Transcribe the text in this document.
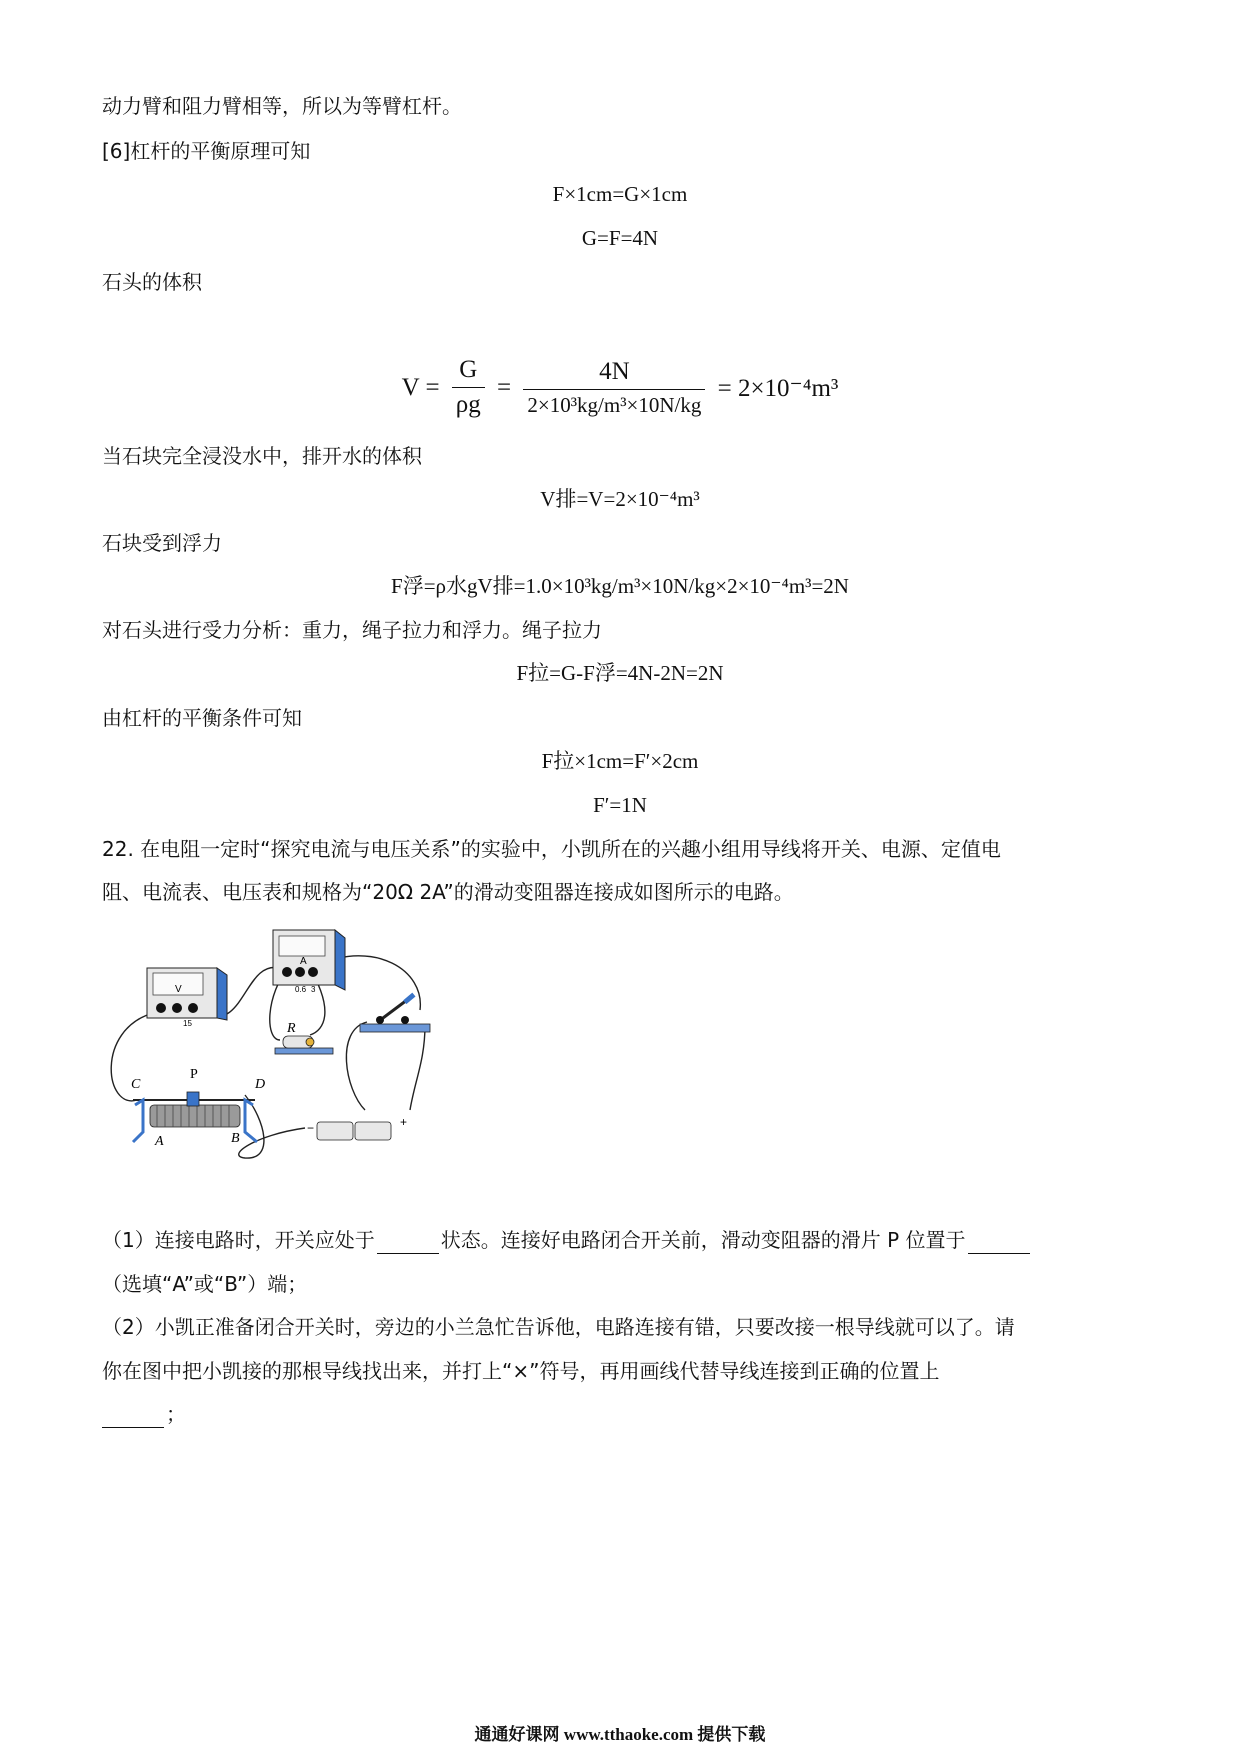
动力臂和阻力臂相等，所以为等臂杠杆。
[6]杠杆的平衡原理可知
F×1cm=G×1cm
G=F=4N
石头的体积
$V = \frac{G}{\rho g} = \frac{4N}{\text{2×10³kg/m³×10N/kg}} = 2\times 10^{-4}m^3$
当石块完全浸没水中，排开水的体积
V排=V=2×10⁻⁴m³
石块受到浮力
F浮=ρ水gV排=1.0×10³kg/m³×10N/kg×2×10⁻⁴m³=2N
对石头进行受力分析：重力，绳子拉力和浮力。绳子拉力
F拉=G-F浮=4N-2N=2N
由杠杆的平衡条件可知
F拉×1cm=F′×2cm
F′=1N
22. 在电阻一定时“探究电流与电压关系”的实验中，小凯所在的兴趣小组用导线将开关、电源、定值电
阻、电流表、电压表和规格为“20Ω 2A”的滑动变阻器连接成如图所示的电路。
V
15
A
0.6 3
R
C
P
D
A	B
−	+
（1）连接电路时，开关应处于	状态。连接好电路闭合开关前，滑动变阻器的滑片 P 位置于
（选填“A”或“B”）端；
（2）小凯正准备闭合开关时，旁边的小兰急忙告诉他，电路连接有错，只要改接一根导线就可以了。请
你在图中把小凯接的那根导线找出来，并打上“×”符号，再用画线代替导线连接到正确的位置上
；
通通好课网 www.tthaoke.com 提供下载
